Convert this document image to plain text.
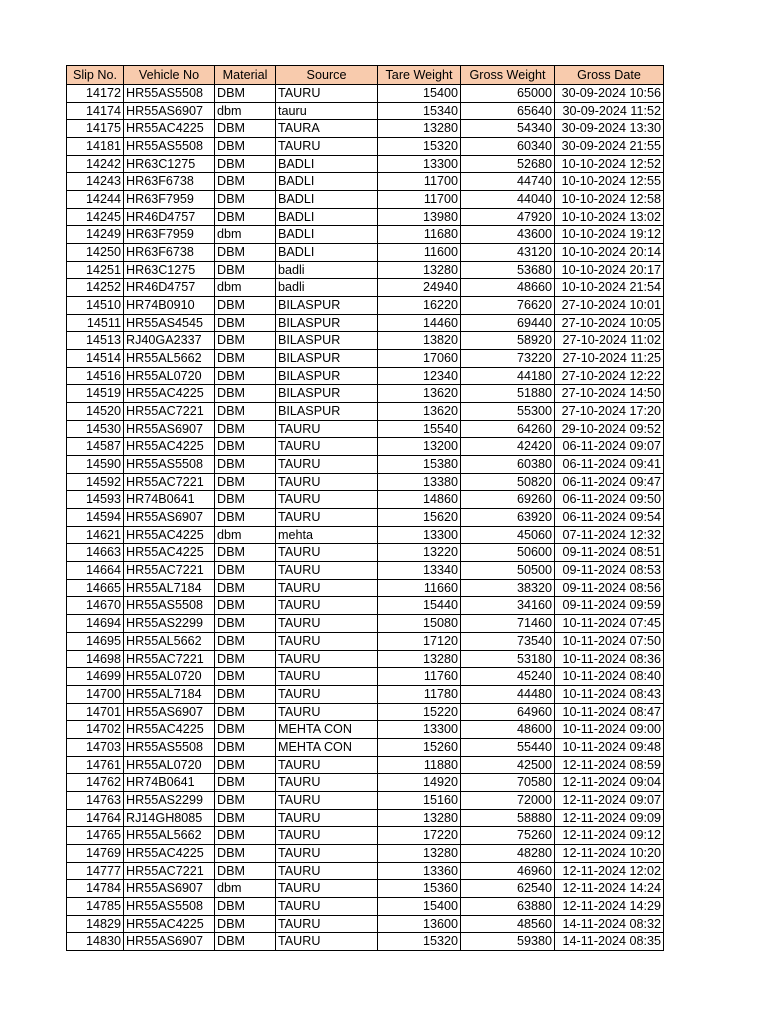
Slip No.	Vehicle No	Material	Source	Tare Weight	Gross Weight	Gross Date
14172	HR55AS5508	DBM	TAURU	15400	65000	30-09-2024 10:56
14174	HR55AS6907	dbm	tauru	15340	65640	30-09-2024 11:52
14175	HR55AC4225	DBM	TAURA	13280	54340	30-09-2024 13:30
14181	HR55AS5508	DBM	TAURU	15320	60340	30-09-2024 21:55
14242	HR63C1275	DBM	BADLI	13300	52680	10-10-2024 12:52
14243	HR63F6738	DBM	BADLI	11700	44740	10-10-2024 12:55
14244	HR63F7959	DBM	BADLI	11700	44040	10-10-2024 12:58
14245	HR46D4757	DBM	BADLI	13980	47920	10-10-2024 13:02
14249	HR63F7959	dbm	BADLI	11680	43600	10-10-2024 19:12
14250	HR63F6738	DBM	BADLI	11600	43120	10-10-2024 20:14
14251	HR63C1275	DBM	badli	13280	53680	10-10-2024 20:17
14252	HR46D4757	dbm	badli	24940	48660	10-10-2024 21:54
14510	HR74B0910	DBM	BILASPUR	16220	76620	27-10-2024 10:01
14511	HR55AS4545	DBM	BILASPUR	14460	69440	27-10-2024 10:05
14513	RJ40GA2337	DBM	BILASPUR	13820	58920	27-10-2024 11:02
14514	HR55AL5662	DBM	BILASPUR	17060	73220	27-10-2024 11:25
14516	HR55AL0720	DBM	BILASPUR	12340	44180	27-10-2024 12:22
14519	HR55AC4225	DBM	BILASPUR	13620	51880	27-10-2024 14:50
14520	HR55AC7221	DBM	BILASPUR	13620	55300	27-10-2024 17:20
14530	HR55AS6907	DBM	TAURU	15540	64260	29-10-2024 09:52
14587	HR55AC4225	DBM	TAURU	13200	42420	06-11-2024 09:07
14590	HR55AS5508	DBM	TAURU	15380	60380	06-11-2024 09:41
14592	HR55AC7221	DBM	TAURU	13380	50820	06-11-2024 09:47
14593	HR74B0641	DBM	TAURU	14860	69260	06-11-2024 09:50
14594	HR55AS6907	DBM	TAURU	15620	63920	06-11-2024 09:54
14621	HR55AC4225	dbm	mehta	13300	45060	07-11-2024 12:32
14663	HR55AC4225	DBM	TAURU	13220	50600	09-11-2024 08:51
14664	HR55AC7221	DBM	TAURU	13340	50500	09-11-2024 08:53
14665	HR55AL7184	DBM	TAURU	11660	38320	09-11-2024 08:56
14670	HR55AS5508	DBM	TAURU	15440	34160	09-11-2024 09:59
14694	HR55AS2299	DBM	TAURU	15080	71460	10-11-2024 07:45
14695	HR55AL5662	DBM	TAURU	17120	73540	10-11-2024 07:50
14698	HR55AC7221	DBM	TAURU	13280	53180	10-11-2024 08:36
14699	HR55AL0720	DBM	TAURU	11760	45240	10-11-2024 08:40
14700	HR55AL7184	DBM	TAURU	11780	44480	10-11-2024 08:43
14701	HR55AS6907	DBM	TAURU	15220	64960	10-11-2024 08:47
14702	HR55AC4225	DBM	MEHTA CON	13300	48600	10-11-2024 09:00
14703	HR55AS5508	DBM	MEHTA CON	15260	55440	10-11-2024 09:48
14761	HR55AL0720	DBM	TAURU	11880	42500	12-11-2024 08:59
14762	HR74B0641	DBM	TAURU	14920	70580	12-11-2024 09:04
14763	HR55AS2299	DBM	TAURU	15160	72000	12-11-2024 09:07
14764	RJ14GH8085	DBM	TAURU	13280	58880	12-11-2024 09:09
14765	HR55AL5662	DBM	TAURU	17220	75260	12-11-2024 09:12
14769	HR55AC4225	DBM	TAURU	13280	48280	12-11-2024 10:20
14777	HR55AC7221	DBM	TAURU	13360	46960	12-11-2024 12:02
14784	HR55AS6907	dbm	TAURU	15360	62540	12-11-2024 14:24
14785	HR55AS5508	DBM	TAURU	15400	63880	12-11-2024 14:29
14829	HR55AC4225	DBM	TAURU	13600	48560	14-11-2024 08:32
14830	HR55AS6907	DBM	TAURU	15320	59380	14-11-2024 08:35
